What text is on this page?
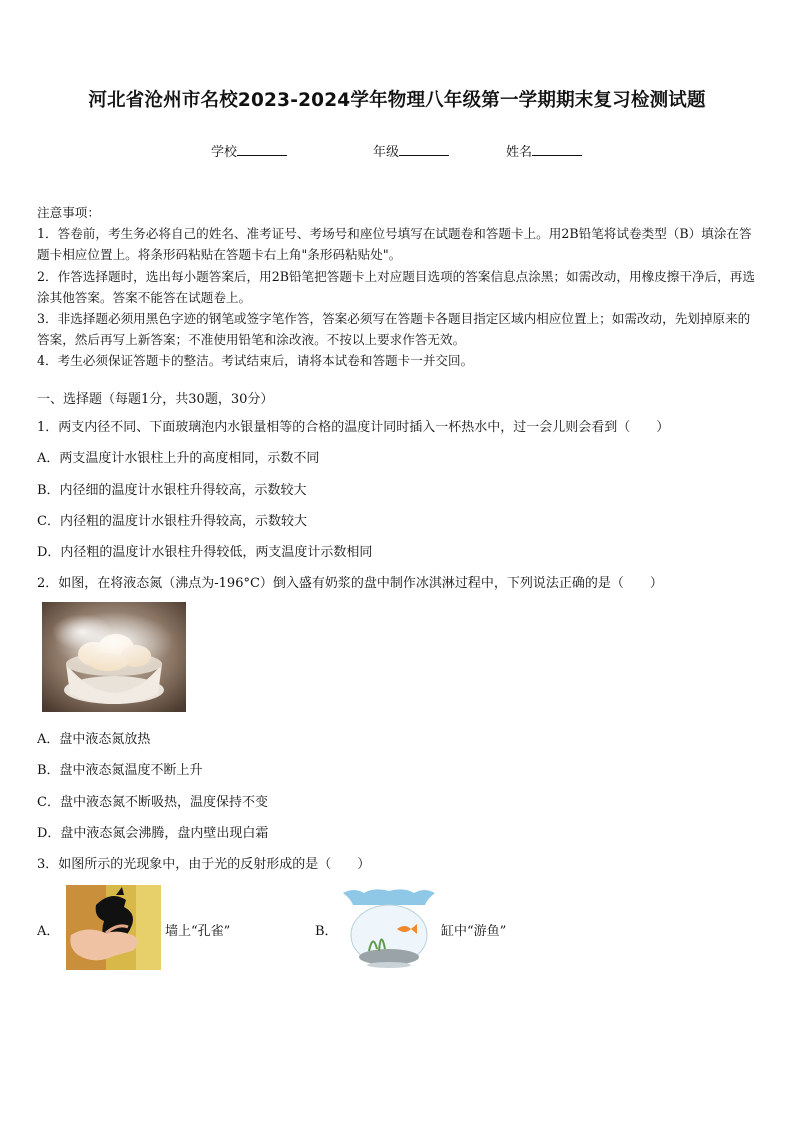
河北省沧州市名校2023-2024学年物理八年级第一学期期末复习检测试题
学校	年级	姓名

注意事项：

1．答卷前，考生务必将自己的姓名、准考证号、考场号和座位号填写在试题卷和答题卡上。用2B铅笔将试卷类型（B）填涂在答题卡相应位置上。将条形码粘贴在答题卡右上角"条形码粘贴处"。

2．作答选择题时，选出每小题答案后，用2B铅笔把答题卡上对应题目选项的答案信息点涂黑；如需改动，用橡皮擦干净后，再选涂其他答案。答案不能答在试题卷上。

3．非选择题必须用黑色字迹的钢笔或签字笔作答，答案必须写在答题卡各题目指定区域内相应位置上；如需改动，先划掉原来的答案，然后再写上新答案；不准使用铅笔和涂改液。不按以上要求作答无效。

4．考生必须保证答题卡的整洁。考试结束后，请将本试卷和答题卡一并交回。

一、选择题（每题1分，共30题，30分）
1．两支内径不同、下面玻璃泡内水银量相等的合格的温度计同时插入一杯热水中，过一会儿则会看到（　　）
A．两支温度计水银柱上升的高度相同，示数不同
B．内径细的温度计水银柱升得较高，示数较大
C．内径粗的温度计水银柱升得较高，示数较大
D．内径粗的温度计水银柱升得较低，两支温度计示数相同
2．如图，在将液态氮（沸点为-196°C）倒入盛有奶浆的盘中制作冰淇淋过程中，下列说法正确的是（　　）
A．盘中液态氮放热
B．盘中液态氮温度不断上升
C．盘中液态氮不断吸热，温度保持不变
D．盘中液态氮会沸腾，盘内壁出现白霜
3．如图所示的光现象中，由于光的反射形成的是（　　）
A．	墙上“孔雀”	B．	缸中“游鱼”
